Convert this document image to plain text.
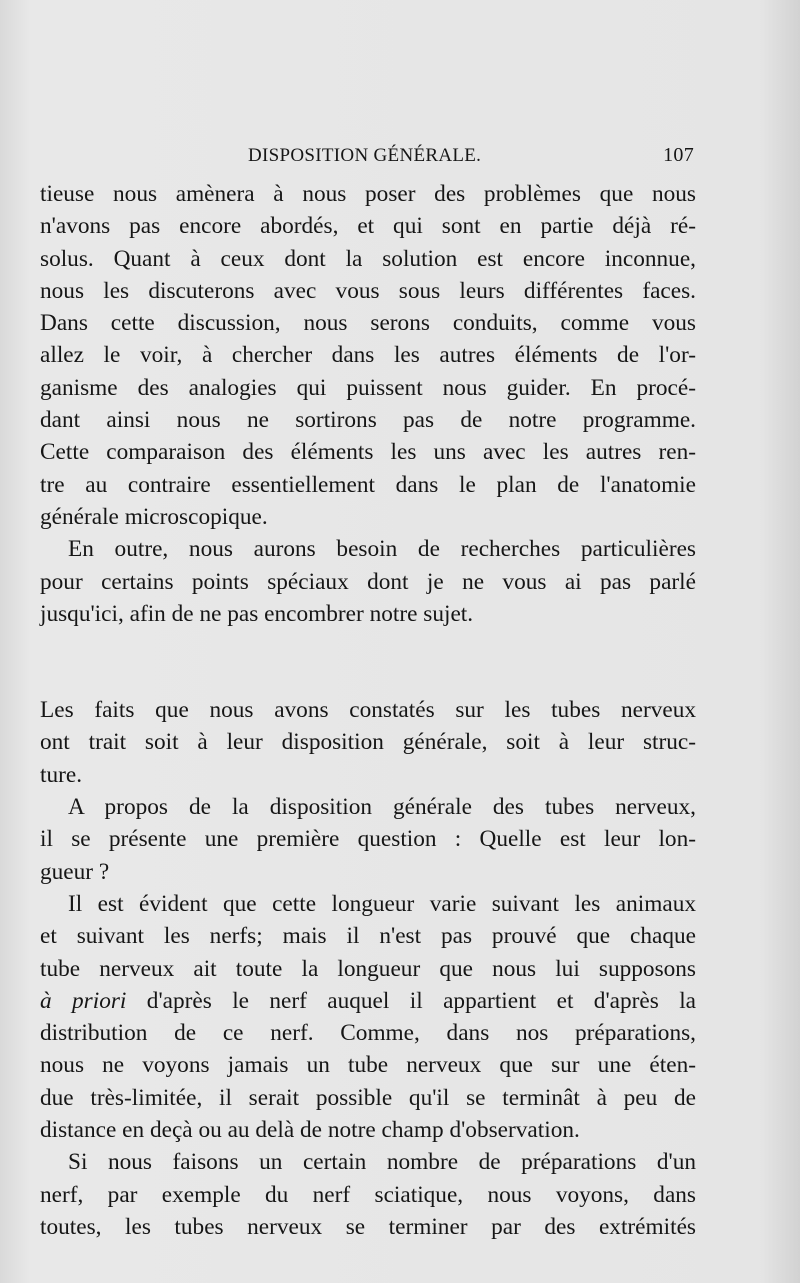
DISPOSITION GÉNÉRALE.	107
tieuse nous amènera à nous poser des problèmes que nous
n'avons pas encore abordés, et qui sont en partie déjà ré-
solus. Quant à ceux dont la solution est encore inconnue,
nous les discuterons avec vous sous leurs différentes faces.
Dans cette discussion, nous serons conduits, comme vous
allez le voir, à chercher dans les autres éléments de l'or-
ganisme des analogies qui puissent nous guider. En procé-
dant ainsi nous ne sortirons pas de notre programme.
Cette comparaison des éléments les uns avec les autres ren-
tre au contraire essentiellement dans le plan de l'anatomie
générale microscopique.
En outre, nous aurons besoin de recherches particulières
pour certains points spéciaux dont je ne vous ai pas parlé
jusqu'ici, afin de ne pas encombrer notre sujet.
Les faits que nous avons constatés sur les tubes nerveux
ont trait soit à leur disposition générale, soit à leur struc-
ture.
A propos de la disposition générale des tubes nerveux,
il se présente une première question : Quelle est leur lon-
gueur ?
Il est évident que cette longueur varie suivant les animaux
et suivant les nerfs; mais il n'est pas prouvé que chaque
tube nerveux ait toute la longueur que nous lui supposons
à priori d'après le nerf auquel il appartient et d'après la
distribution de ce nerf. Comme, dans nos préparations,
nous ne voyons jamais un tube nerveux que sur une éten-
due très-limitée, il serait possible qu'il se terminât à peu de
distance en deçà ou au delà de notre champ d'observation.
Si nous faisons un certain nombre de préparations d'un
nerf, par exemple du nerf sciatique, nous voyons, dans
toutes, les tubes nerveux se terminer par des extrémités
